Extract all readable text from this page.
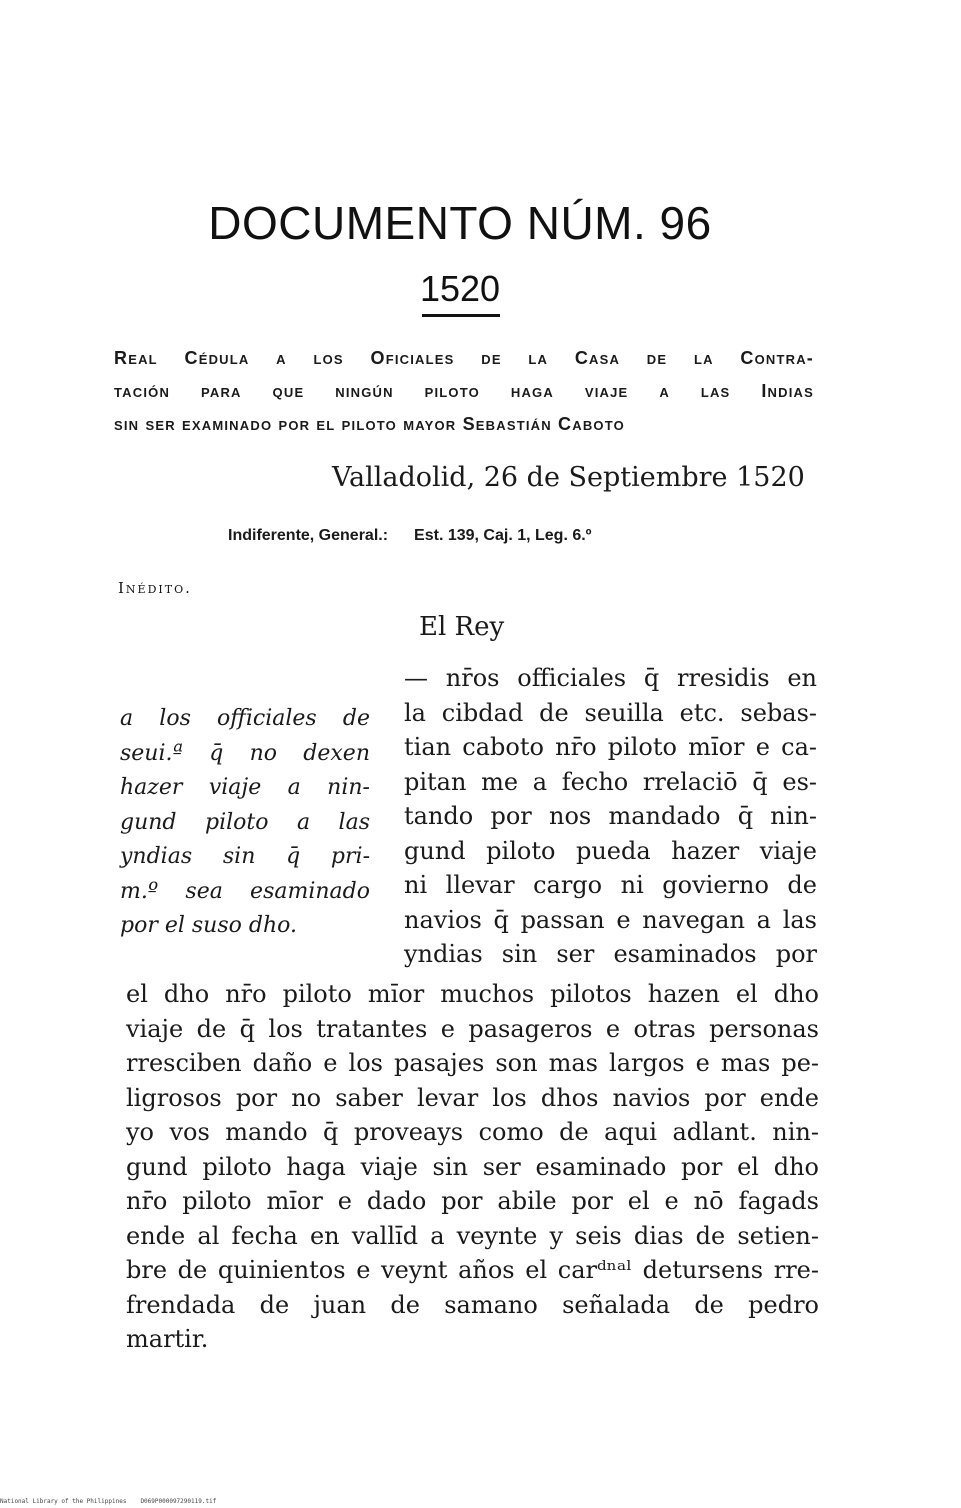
DOCUMENTO NÚM. 96
1520
Real Cédula a los Oficiales de la Casa de la Contra-
tación para que ningún piloto haga viaje a las Indias
sin ser examinado por el piloto mayor Sebastián Caboto
Valladolid, 26 de Septiembre 1520
Indiferente, General.: Est. 139, Caj. 1, Leg. 6.º
Inédito.
El Rey
a los officiales de
seui.ª q̄ no dexen
hazer viaje a nin-
gund piloto a las
yndias sin q̄ pri-
m.º sea esaminado
por el suso dho.
— nr̄os officiales q̄ rresidis en
la cibdad de seuilla etc. sebas-
tian caboto nr̄o piloto mı̄or e ca-
pitan me a fecho rrelaciō q̄ es-
tando por nos mandado q̄ nin-
gund piloto pueda hazer viaje
ni llevar cargo ni govierno de
navios q̄ passan e navegan a las
yndias sin ser esaminados por
el dho nr̄o piloto mı̄or muchos pilotos hazen el dho
viaje de q̄ los tratantes e pasageros e otras personas
rresciben daño e los pasajes son mas largos e mas pe-
ligrosos por no saber levar los dhos navios por ende
yo vos mando q̄ proveays como de aqui adlant. nin-
gund piloto haga viaje sin ser esaminado por el dho
nr̄o piloto mı̄or e dado por abile por el e nō fagads
ende al fecha en vallı̄d a veynte y seis dias de setien-
bre de quinientos e veynt años el carᵈⁿᵃˡ detursens rre-
frendada de juan de samano señalada de pedro
martir.
National Library of the Philippines D069P000097290119.tif
